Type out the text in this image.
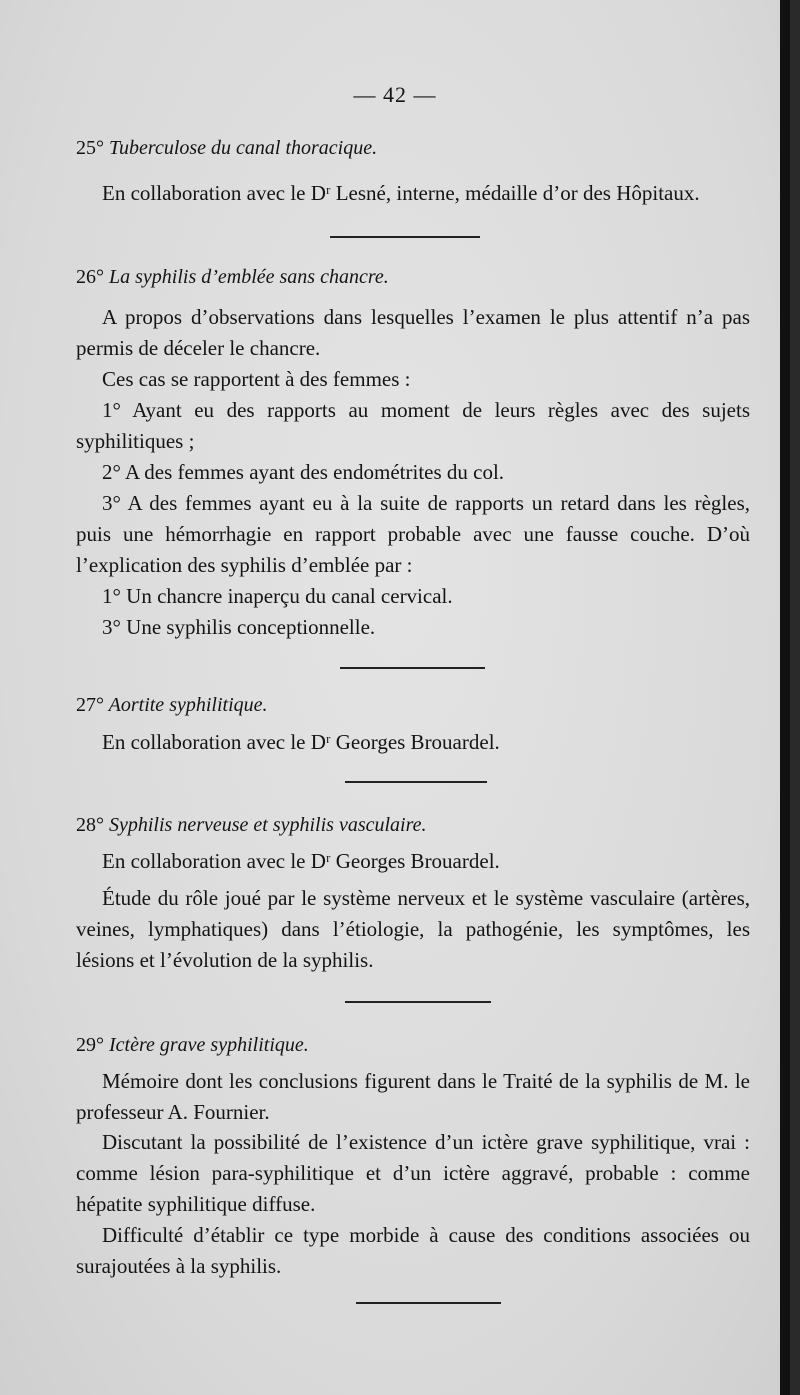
— 42 —
25° Tuberculose du canal thoracique.
En collaboration avec le Dʳ Lesné, interne, médaille d’or des Hôpitaux.
26° La syphilis d’emblée sans chancre.
A propos d’observations dans lesquelles l’examen le plus attentif n’a pas permis de déceler le chancre.
Ces cas se rapportent à des femmes :
1° Ayant eu des rapports au moment de leurs règles avec des sujets syphilitiques ;
2° A des femmes ayant des endométrites du col.
3° A des femmes ayant eu à la suite de rapports un retard dans les règles, puis une hémorrhagie en rapport probable avec une fausse couche. D’où l’explication des syphilis d’emblée par :
1° Un chancre inaperçu du canal cervical.
3° Une syphilis conceptionnelle.
27° Aortite syphilitique.
En collaboration avec le Dʳ Georges Brouardel.
28° Syphilis nerveuse et syphilis vasculaire.
En collaboration avec le Dʳ Georges Brouardel.
Étude du rôle joué par le système nerveux et le système vasculaire (artères, veines, lymphatiques) dans l’étiologie, la pathogénie, les symptômes, les lésions et l’évolution de la syphilis.
29° Ictère grave syphilitique.
Mémoire dont les conclusions figurent dans le Traité de la syphilis de M. le professeur A. Fournier.
Discutant la possibilité de l’existence d’un ictère grave syphilitique, vrai : comme lésion para-syphilitique et d’un ictère aggravé, probable : comme hépatite syphilitique diffuse.
Difficulté d’établir ce type morbide à cause des conditions associées ou surajoutées à la syphilis.
